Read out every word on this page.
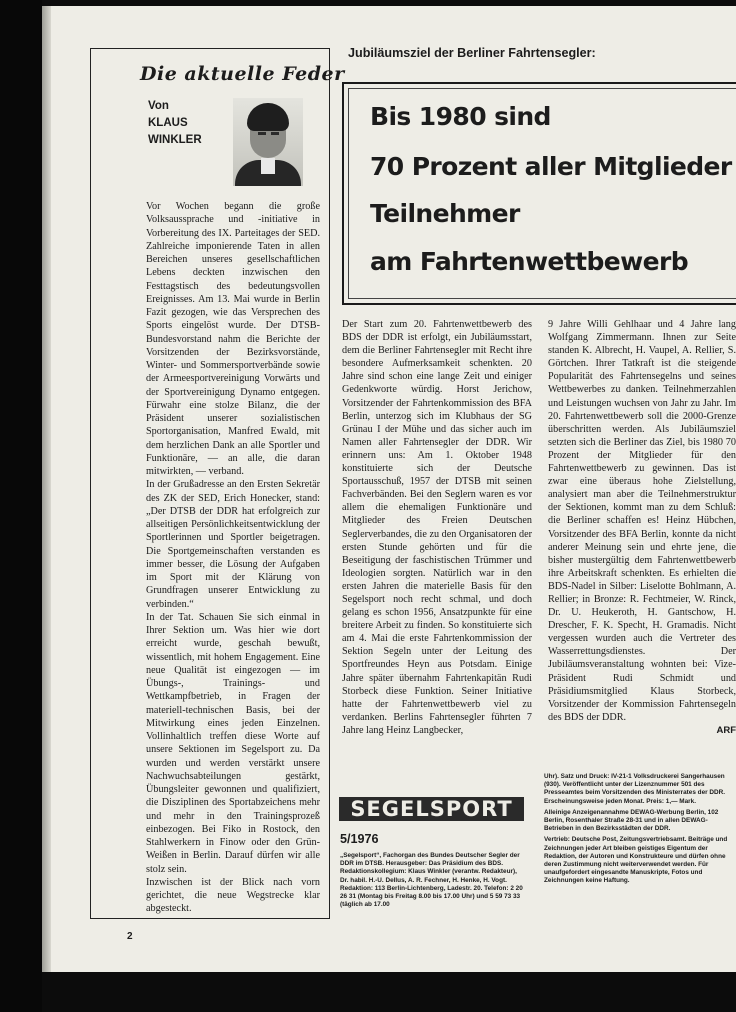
Die aktuelle Feder
Von
KLAUS
WINKLER

Vor Wochen begann die große Volksaussprache und -initiative in Vorbereitung des IX. Parteitages der SED. Zahlreiche imponierende Taten in allen Bereichen unseres gesellschaftlichen Lebens deckten inzwischen den Festtagstisch des bedeutungsvollen Ereignisses. Am 13. Mai wurde in Berlin Fazit gezogen, wie das Versprechen des Sports eingelöst wurde. Der DTSB-Bundesvorstand nahm die Berichte der Vorsitzenden der Bezirksvorstände, Winter- und Sommersportverbände sowie der Armeesportvereinigung Vorwärts und der Sportvereinigung Dynamo entgegen. Fürwahr eine stolze Bilanz, die der Präsident unserer sozialistischen Sportorganisation, Manfred Ewald, mit dem herzlichen Dank an alle Sportler und Funktionäre, — an alle, die daran mitwirkten, — verband.

In der Grußadresse an den Ersten Sekretär des ZK der SED, Erich Honecker, stand: „Der DTSB der DDR hat erfolgreich zur allseitigen Persönlichkeitsentwicklung der Sportlerinnen und Sportler beigetragen. Die Sportgemeinschaften verstanden es immer besser, die Lösung der Aufgaben im Sport mit der Klärung von Grundfragen unserer Entwicklung zu verbinden.“

In der Tat. Schauen Sie sich einmal in Ihrer Sektion um. Was hier wie dort erreicht wurde, geschah bewußt, wissentlich, mit hohem Engagement. Eine neue Qualität ist eingezogen — im Übungs-, Trainings- und Wettkampfbetrieb, in Fragen der materiell-technischen Basis, bei der Mitwirkung eines jeden Einzelnen. Vollinhaltlich treffen diese Worte auf unsere Sektionen im Segelsport zu. Da wurden und werden verstärkt unsere Nachwuchsabteilungen gestärkt, Übungsleiter gewonnen und qualifiziert, die Disziplinen des Sportabzeichens mehr und mehr in den Trainingsprozeß einbezogen. Bei Fiko in Rostock, den Stahlwerkern in Finow oder den Grün-Weißen in Berlin. Darauf dürfen wir alle stolz sein.

Inzwischen ist der Blick nach vorn gerichtet, die neue Wegstrecke klar abgesteckt.

Jubiläumsziel der Berliner Fahrtensegler:
Bis 1980 sind
70 Prozent aller Mitglieder
Teilnehmer
am Fahrtenwettbewerb

Der Start zum 20. Fahrtenwettbewerb des BDS der DDR ist erfolgt, ein Jubiläumsstart, dem die Berliner Fahrtensegler mit Recht ihre besondere Aufmerksamkeit schenkten. 20 Jahre sind schon eine lange Zeit und einiger Gedenkworte würdig. Horst Jerichow, Vorsitzender der Fahrtenkommission des BFA Berlin, unterzog sich im Klubhaus der SG Grünau I der Mühe und das sicher auch im Namen aller Fahrtensegler der DDR. Wir erinnern uns: Am 1. Oktober 1948 konstituierte sich der Deutsche Sportausschuß, 1957 der DTSB mit seinen Fachverbänden. Bei den Seglern waren es vor allem die ehemaligen Funktionäre und Mitglieder des Freien Deutschen Seglerverbandes, die zu den Organisatoren der ersten Stunde gehörten und für die Beseitigung der faschistischen Trümmer und Ideologien sorgten. Natürlich war in den ersten Jahren die materielle Basis für den Segelsport noch recht schmal, und doch gelang es schon 1956, Ansatzpunkte für eine breitere Arbeit zu finden. So konstituierte sich am 4. Mai die erste Fahrtenkommission der Sektion Segeln unter der Leitung des Sportfreundes Heyn aus Potsdam. Einige Jahre später übernahm Fahrtenkapitän Rudi Storbeck diese Funktion. Seiner Initiative hatte der Fahrtenwettbewerb viel zu verdanken. Berlins Fahrtensegler führten 7 Jahre lang Heinz Langbecker,

9 Jahre Willi Gehlhaar und 4 Jahre lang Wolfgang Zimmermann. Ihnen zur Seite standen K. Albrecht, H. Vaupel, A. Rellier, S. Görtchen. Ihrer Tatkraft ist die steigende Popularität des Fahrtensegelns und seines Wettbewerbes zu danken. Teilnehmerzahlen und Leistungen wuchsen von Jahr zu Jahr. Im 20. Fahrtenwettbewerb soll die 2000-Grenze überschritten werden. Als Jubiläumsziel setzten sich die Berliner das Ziel, bis 1980 70 Prozent der Mitglieder für den Fahrtenwettbewerb zu gewinnen. Das ist zwar eine überaus hohe Zielstellung, analysiert man aber die Teilnehmerstruktur der Sektionen, kommt man zu dem Schluß: die Berliner schaffen es! Heinz Hübchen, Vorsitzender des BFA Berlin, konnte da nicht anderer Meinung sein und ehrte jene, die bisher mustergültig dem Fahrtenwettbewerb ihre Arbeitskraft schenkten. Es erhielten die BDS-Nadel in Silber: Liselotte Bohlmann, A. Rellier; in Bronze: R. Fechtmeier, W. Rinck, Dr. U. Heukeroth, H. Gantschow, H. Drescher, F. K. Specht, H. Gramadis. Nicht vergessen wurden auch die Vertreter des Wasserrettungsdienstes. Der Jubiläumsveranstaltung wohnten bei: Vize-Präsident Rudi Schmidt und Präsidiumsmitglied Klaus Storbeck, Vorsitzender der Kommission Fahrtensegeln des BDS der DDR.

ARF
SEGELSPORT
5/1976
„Segelsport“, Fachorgan des Bundes Deutscher Segler der DDR im DTSB. Herausgeber: Das Präsidium des BDS. Redaktionskollegium: Klaus Winkler (verantw. Redakteur), Dr. habil. H.-U. Dellus, A. R. Fechner, H. Henke, H. Vogt. Redaktion: 113 Berlin-Lichtenberg, Ladestr. 20. Telefon: 2 20 26 31 (Montag bis Freitag 8.00 bis 17.00 Uhr) und 5 59 73 33 (täglich ab 17.00

Uhr). Satz und Druck: IV-21-1 Volksdruckerei Sangerhausen (930). Veröffentlicht unter der Lizenznummer 501 des Presseamtes beim Vorsitzenden des Ministerrates der DDR. Erscheinungsweise jeden Monat. Preis: 1,— Mark.

Alleinige Anzeigenannahme DEWAG-Werbung Berlin, 102 Berlin, Rosenthaler Straße 28-31 und in allen DEWAG-Betrieben in den Bezirksstädten der DDR.

Vertrieb: Deutsche Post, Zeitungsvertriebsamt. Beiträge und Zeichnungen jeder Art bleiben geistiges Eigentum der Redaktion, der Autoren und Konstrukteure und dürfen ohne deren Zustimmung nicht weiterverwendet werden. Für unaufgefordert eingesandte Manuskripte, Fotos und Zeichnungen keine Haftung.

2
